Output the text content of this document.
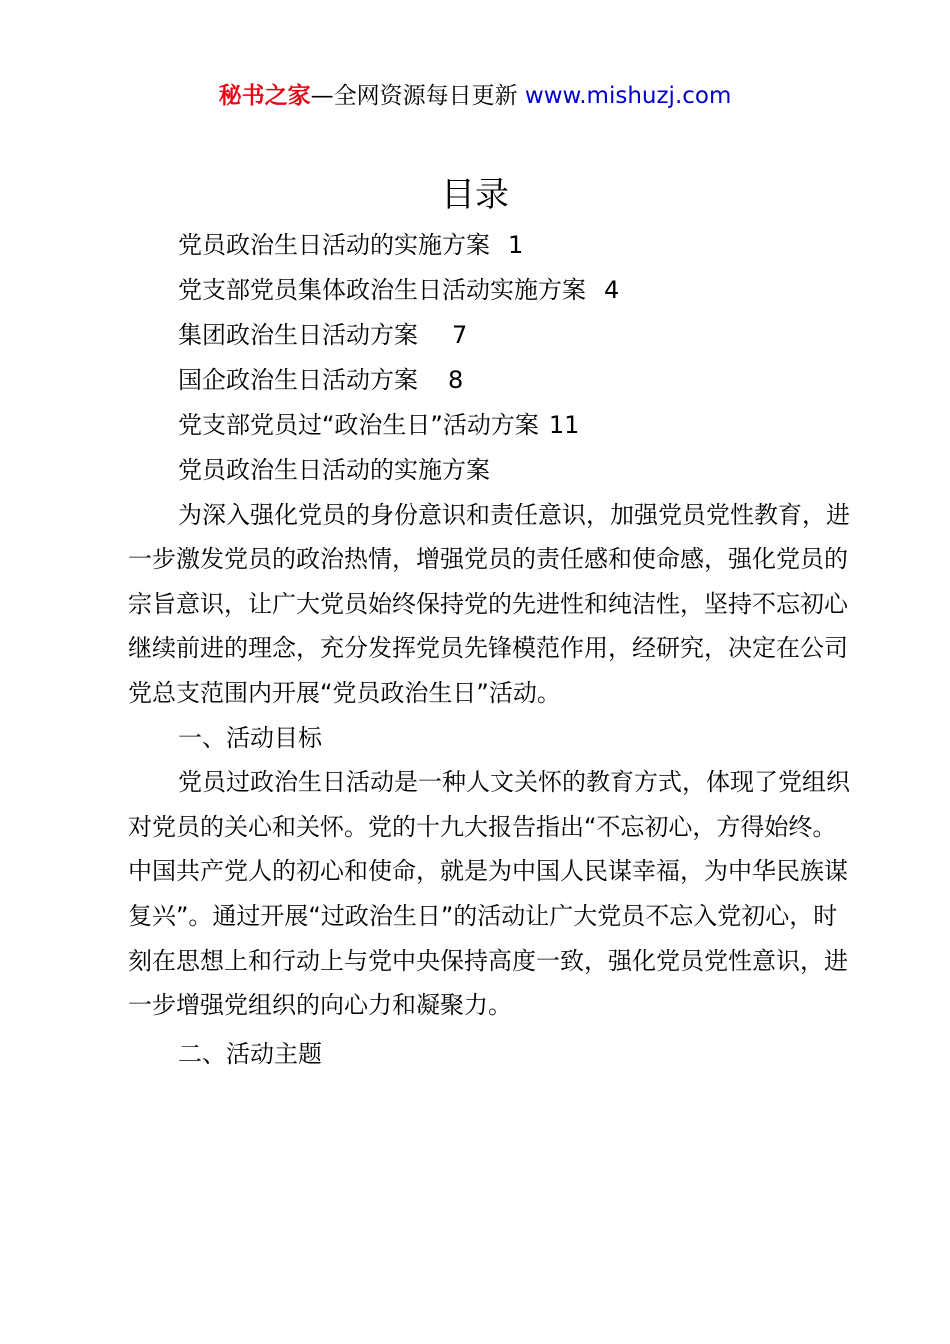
秘书之家—全网资源每日更新 www.mishuzj.com
目录
党员政治生日活动的实施方案 1
党支部党员集体政治生日活动实施方案 4
集团政治生日活动方案 7
国企政治生日活动方案 8
党支部党员过“政治生日”活动方案 11

党员政治生日活动的实施方案

为深入强化党员的身份意识和责任意识，加强党员党性教育，进一步激发党员的政治热情，增强党员的责任感和使命感，强化党员的宗旨意识，让广大党员始终保持党的先进性和纯洁性，坚持不忘初心继续前进的理念，充分发挥党员先锋模范作用，经研究，决定在公司党总支范围内开展“党员政治生日”活动。

一、活动目标

党员过政治生日活动是一种人文关怀的教育方式，体现了党组织对党员的关心和关怀。党的十九大报告指出“不忘初心，方得始终。中国共产党人的初心和使命，就是为中国人民谋幸福，为中华民族谋复兴”。通过开展“过政治生日”的活动让广大党员不忘入党初心，时刻在思想上和行动上与党中央保持高度一致，强化党员党性意识，进一步增强党组织的向心力和凝聚力。

二、活动主题
